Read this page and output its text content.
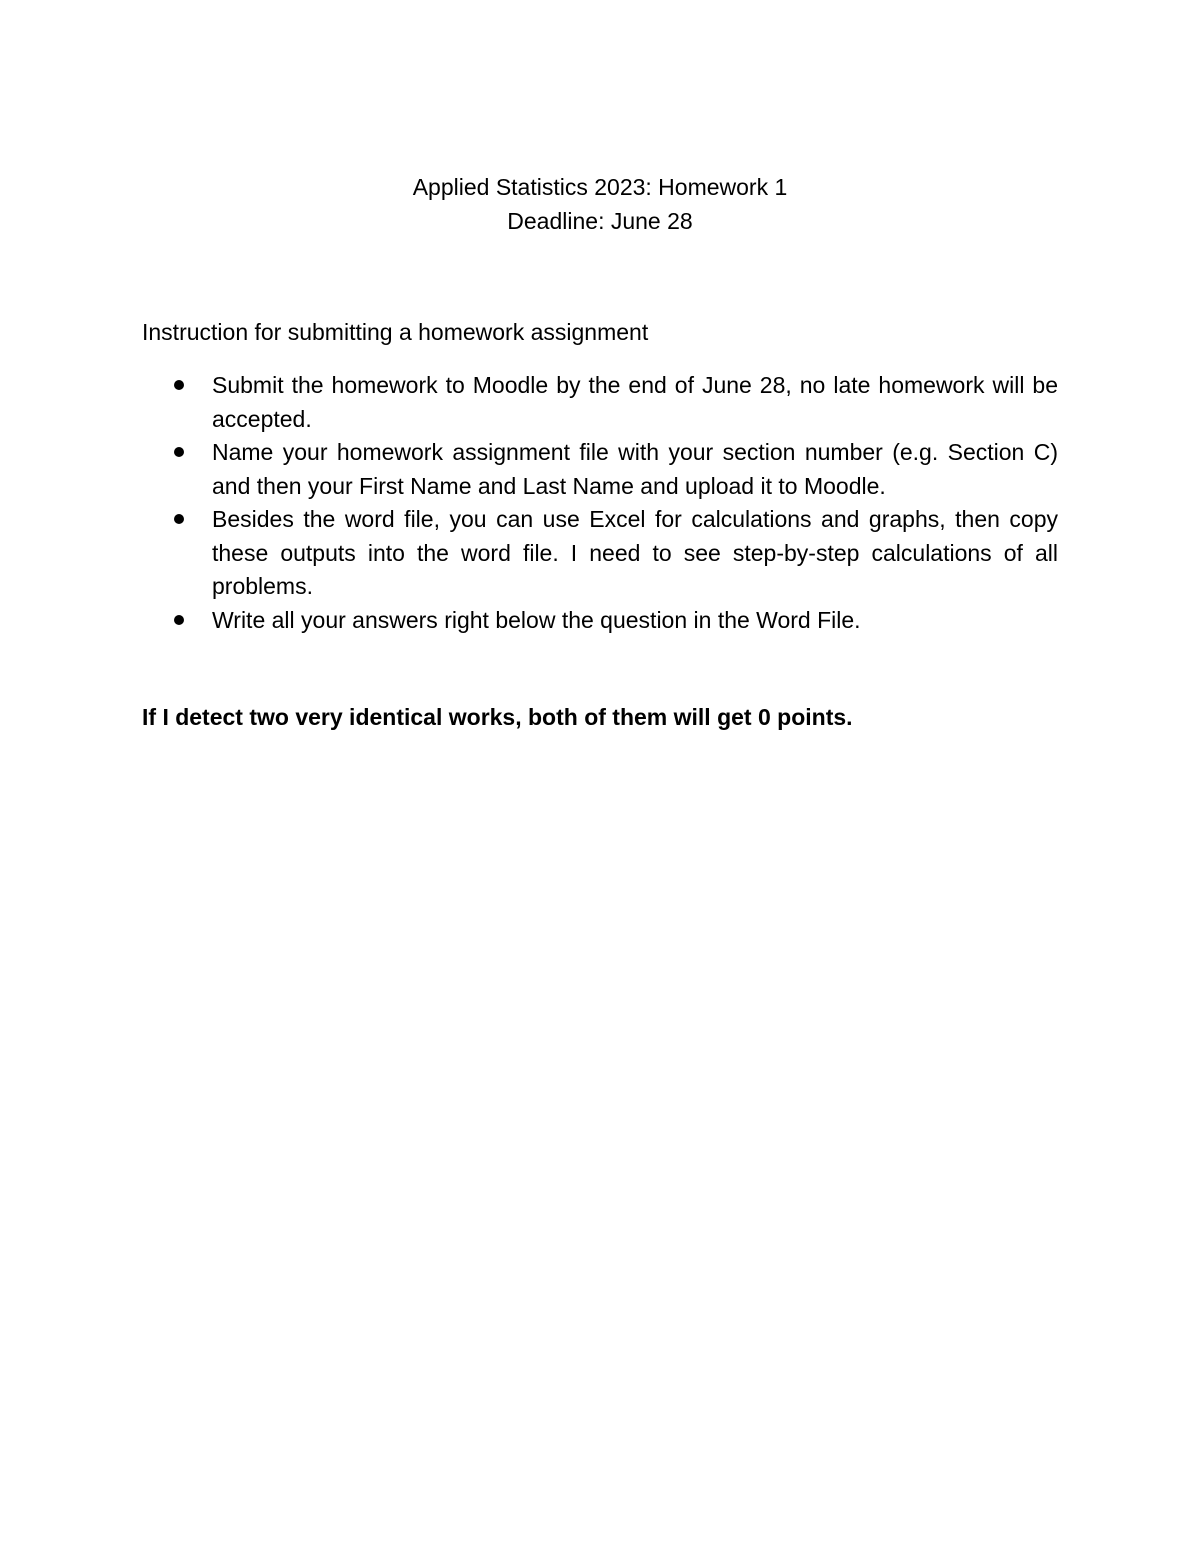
Applied Statistics 2023: Homework 1
Deadline: June 28
Instruction for submitting a homework assignment
Submit the homework to Moodle by the end of June 28, no late homework will be accepted.
Name your homework assignment file with your section number (e.g. Section C) and then your First Name and Last Name and upload it to Moodle.
Besides the word file, you can use Excel for calculations and graphs, then copy these outputs into the word file. I need to see step-by-step calculations of all problems.
Write all your answers right below the question in the Word File.
If I detect two very identical works, both of them will get 0 points.
